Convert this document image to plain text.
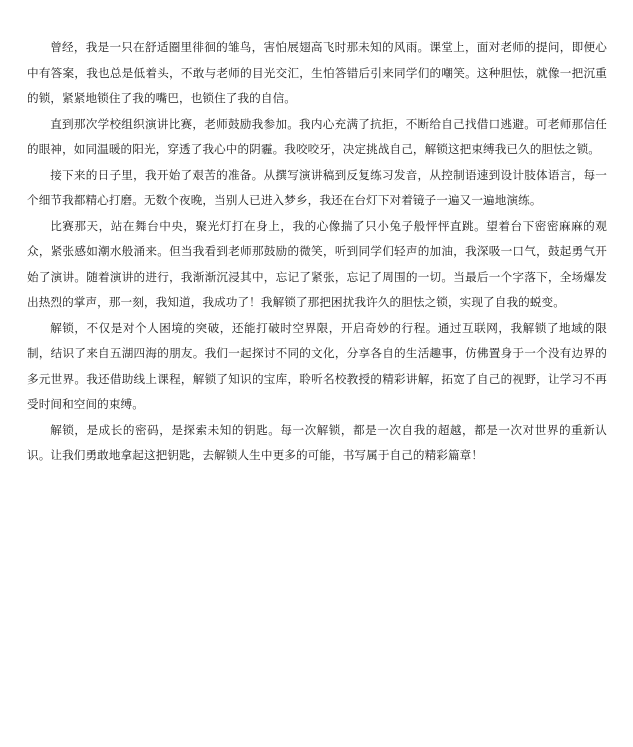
曾经，我是一只在舒适圈里徘徊的雏鸟，害怕展翅高飞时那未知的风雨。课堂上，面对老师的提问，即便心中有答案，我也总是低着头，不敢与老师的目光交汇，生怕答错后引来同学们的嘲笑。这种胆怯，就像一把沉重的锁，紧紧地锁住了我的嘴巴，也锁住了我的自信。

直到那次学校组织演讲比赛，老师鼓励我参加。我内心充满了抗拒，不断给自己找借口逃避。可老师那信任的眼神，如同温暖的阳光，穿透了我心中的阴霾。我咬咬牙，决定挑战自己，解锁这把束缚我已久的胆怯之锁。

接下来的日子里，我开始了艰苦的准备。从撰写演讲稿到反复练习发音，从控制语速到设计肢体语言，每一个细节我都精心打磨。无数个夜晚，当别人已进入梦乡，我还在台灯下对着镜子一遍又一遍地演练。

比赛那天，站在舞台中央，聚光灯打在身上，我的心像揣了只小兔子般怦怦直跳。望着台下密密麻麻的观众，紧张感如潮水般涌来。但当我看到老师那鼓励的微笑，听到同学们轻声的加油，我深吸一口气，鼓起勇气开始了演讲。随着演讲的进行，我渐渐沉浸其中，忘记了紧张，忘记了周围的一切。当最后一个字落下，全场爆发出热烈的掌声，那一刻，我知道，我成功了！我解锁了那把困扰我许久的胆怯之锁，实现了自我的蜕变。

解锁，不仅是对个人困境的突破，还能打破时空界限，开启奇妙的行程。通过互联网，我解锁了地域的限制，结识了来自五湖四海的朋友。我们一起探讨不同的文化，分享各自的生活趣事，仿佛置身于一个没有边界的多元世界。我还借助线上课程，解锁了知识的宝库，聆听名校教授的精彩讲解，拓宽了自己的视野，让学习不再受时间和空间的束缚。

解锁，是成长的密码，是探索未知的钥匙。每一次解锁，都是一次自我的超越，都是一次对世界的重新认识。让我们勇敢地拿起这把钥匙，去解锁人生中更多的可能，书写属于自己的精彩篇章！
